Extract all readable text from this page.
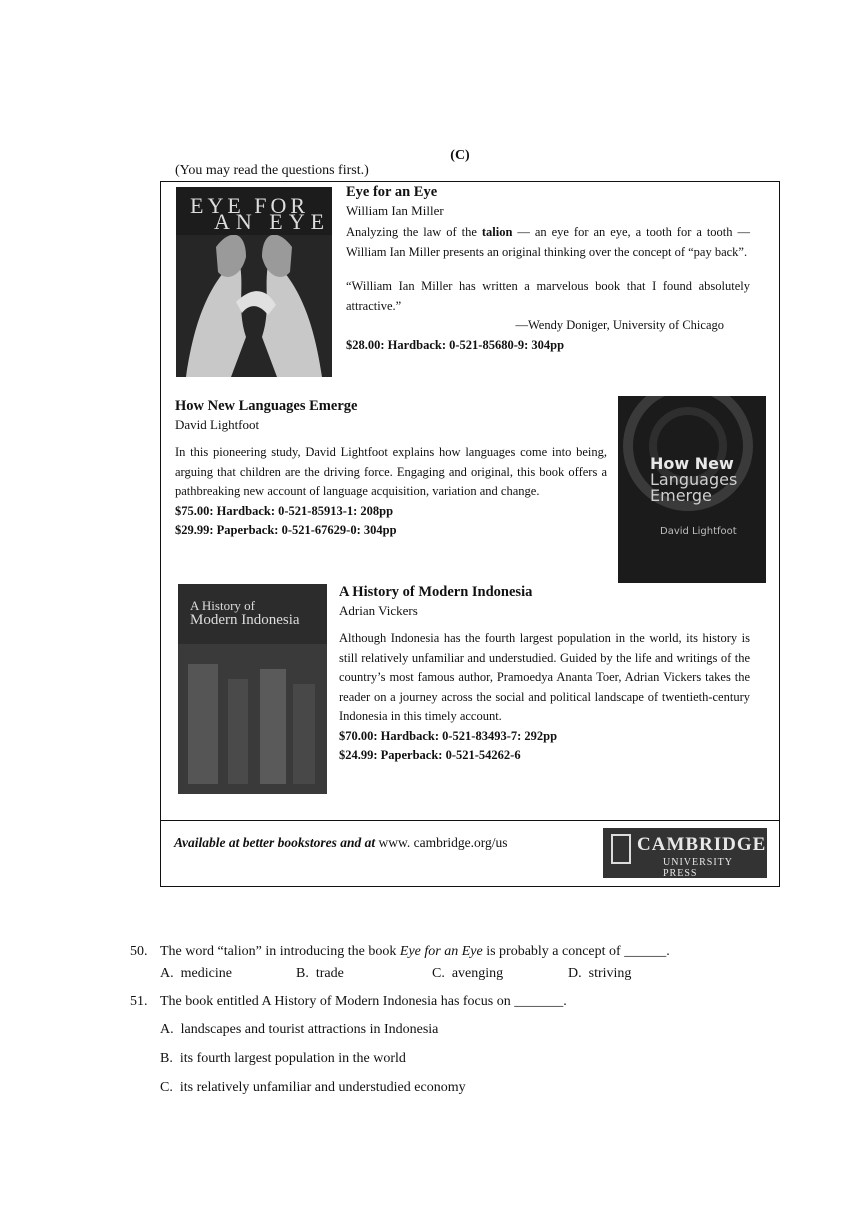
(C)
(You may read the questions first.)
EYE FOR
AN EYE
Eye for an Eye
William Ian Miller
Analyzing the law of the talion — an eye for an eye, a tooth for a tooth — William Ian Miller presents an original thinking over the concept of “pay back”.
“William Ian Miller has written a marvelous book that I found absolutely attractive.”
—Wendy Doniger, University of Chicago
$28.00: Hardback: 0-521-85680-9: 304pp
How New Languages Emerge
David Lightfoot
In this pioneering study, David Lightfoot explains how languages come into being, arguing that children are the driving force. Engaging and original, this book offers a pathbreaking new account of language acquisition, variation and change.
$75.00: Hardback: 0-521-85913-1: 208pp
$29.99: Paperback: 0-521-67629-0: 304pp
How New
Languages
Emerge
David Lightfoot
A History of
Modern Indonesia
A History of Modern Indonesia
Adrian Vickers
Although Indonesia has the fourth largest population in the world, its history is still relatively unfamiliar and understudied. Guided by the life and writings of the country’s most famous author, Pramoedya Ananta Toer, Adrian Vickers takes the reader on a journey across the social and political landscape of twentieth-century Indonesia in this timely account.
$70.00: Hardback: 0-521-83493-7: 292pp
$24.99: Paperback: 0-521-54262-6
Available at better bookstores and at www. cambridge.org/us	CAMBRIDGE
UNIVERSITY PRESS
50. The word “talion” in introducing the book Eye for an Eye is probably a concept of ______.
A. medicine	B. trade	C. avenging	D. striving
51. The book entitled A History of Modern Indonesia has focus on _______.
A. landscapes and tourist attractions in Indonesia
B. its fourth largest population in the world
C. its relatively unfamiliar and understudied economy
